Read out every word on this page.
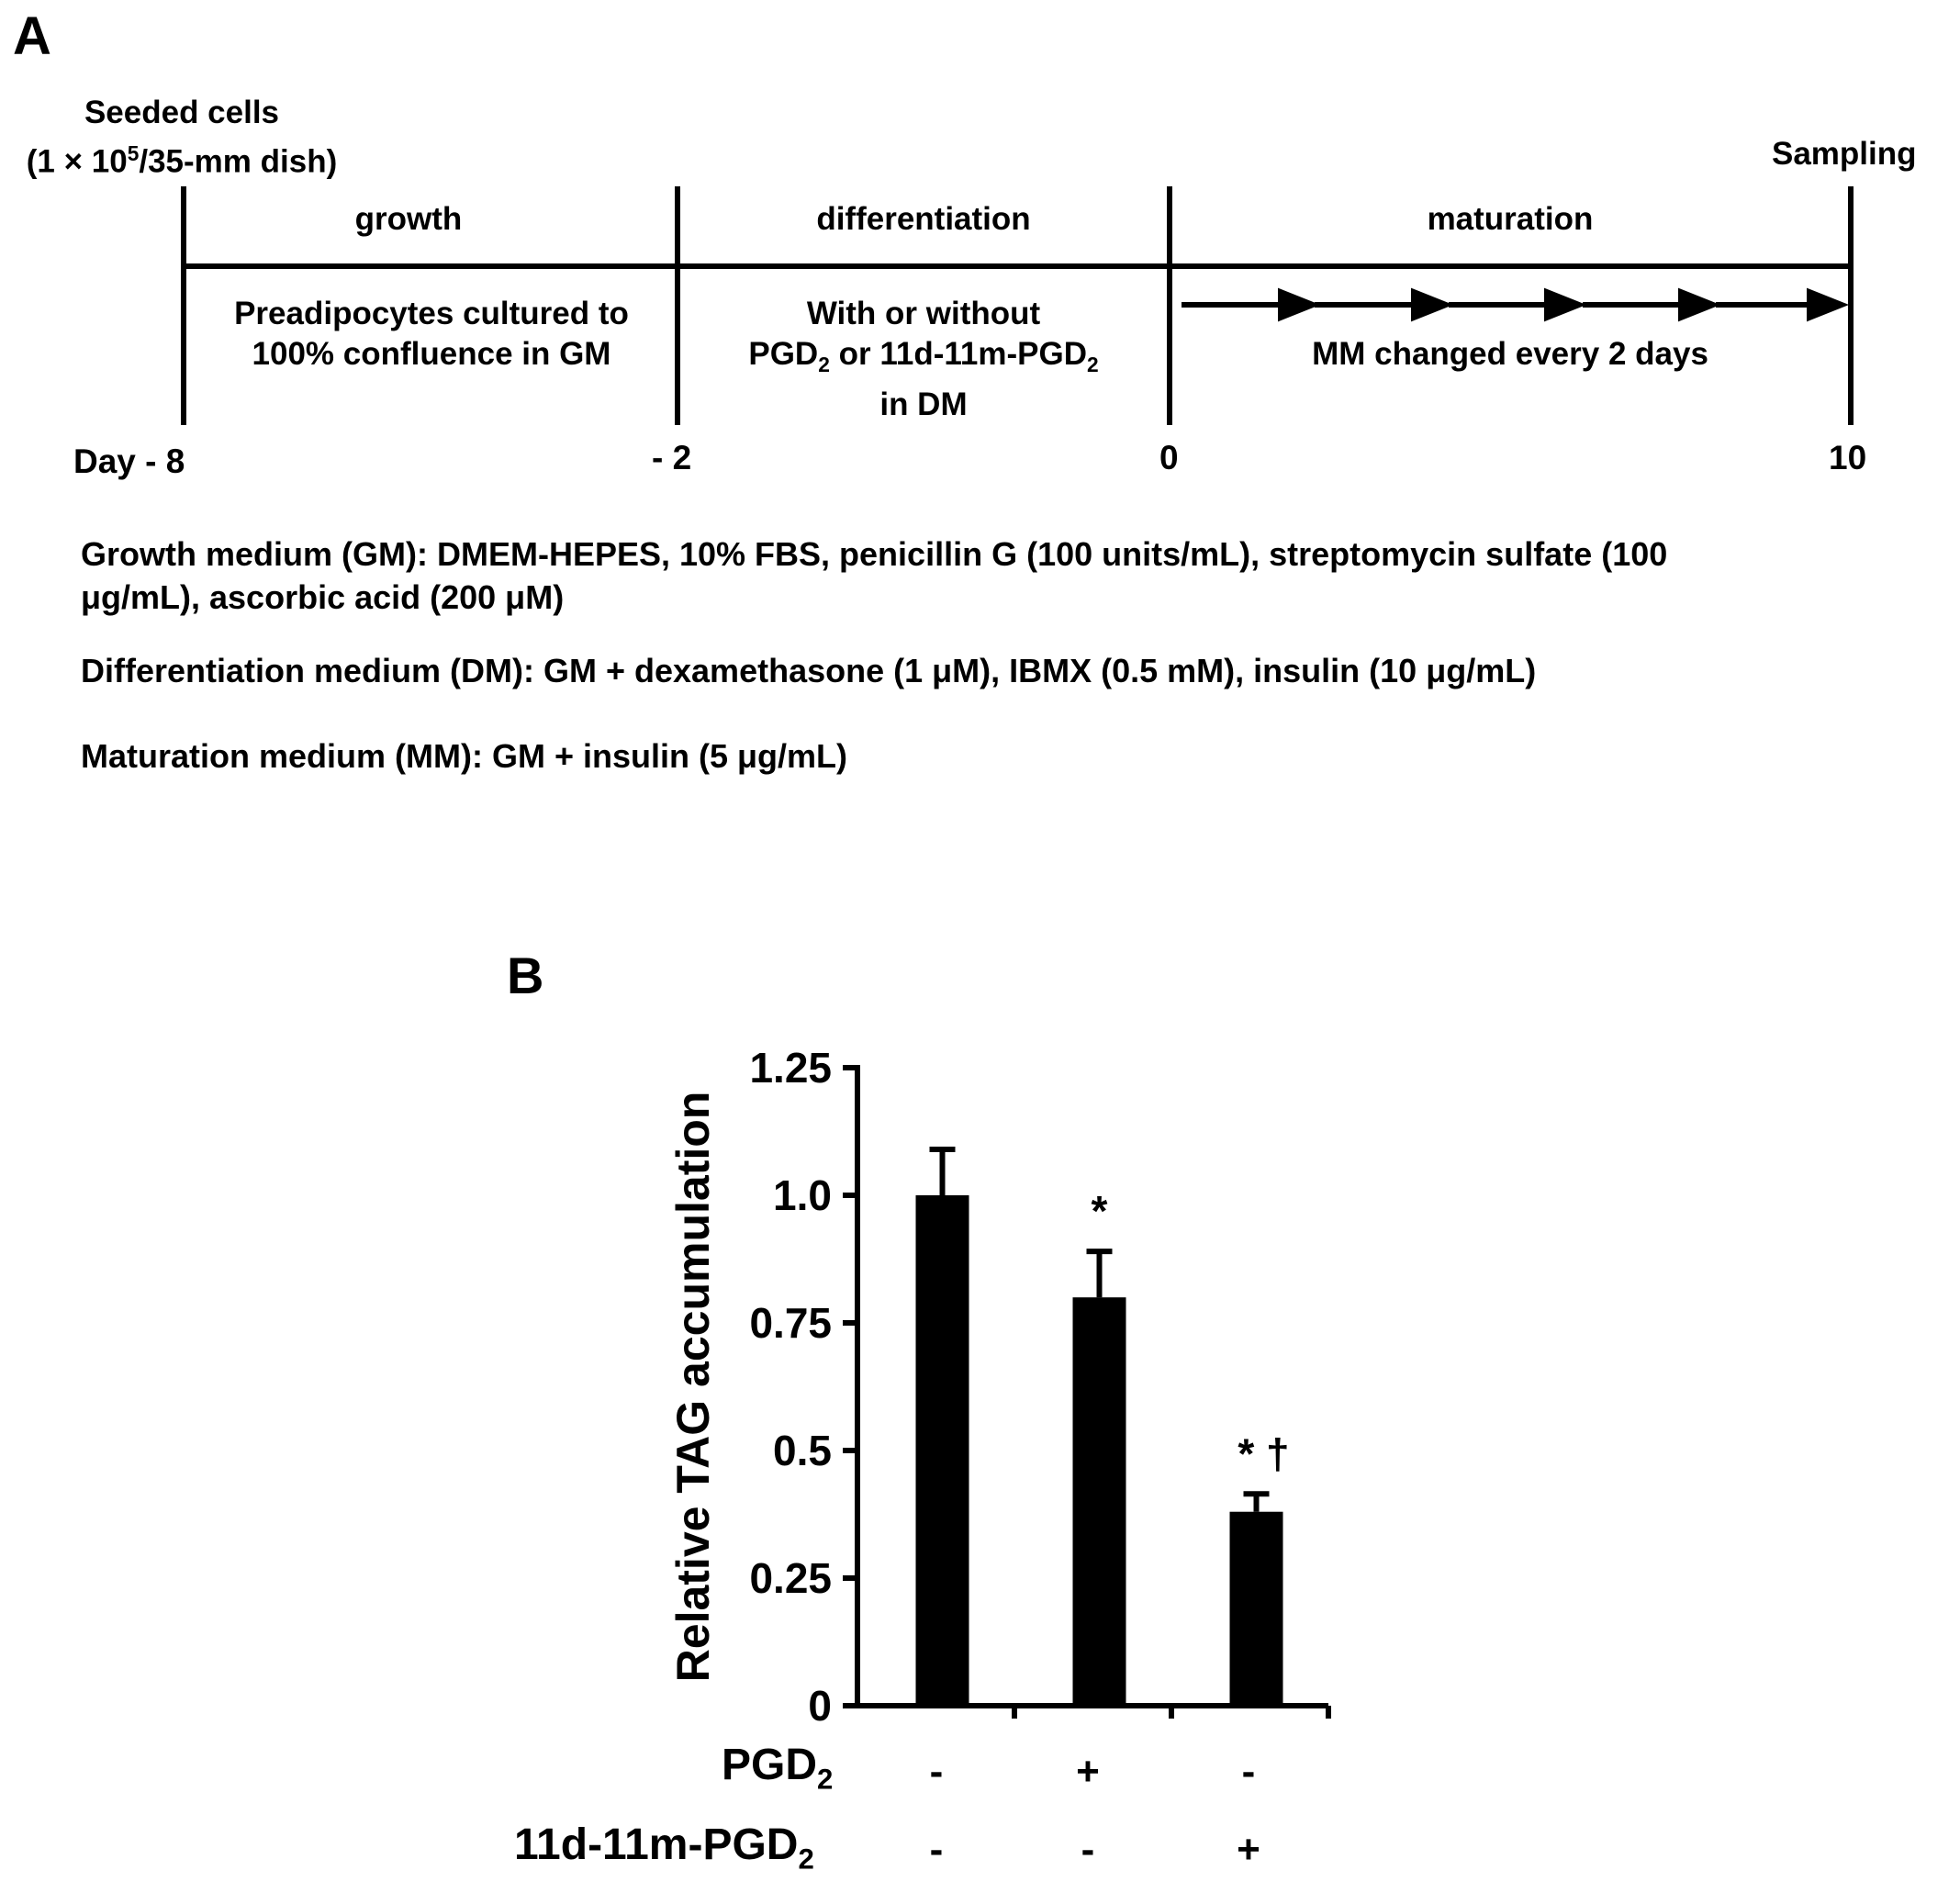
A
Seeded cells
($1 \times 10^5/35-mm$ dish)	Sampling
growth	differentiation	maturation
Preadipocytes cultured to
100% confluence in GM
With or without
$PGD_2$ or $11d-11m-PGD_2$
in DM
MM changed every 2 days
Day - 8	- 2	0	10
Growth medium (GM): DMEM-HEPES, 10% FBS, penicillin G (100 units/mL), streptomycin sulfate (100
μg/mL), ascorbic acid (200 μM)
Differentiation medium (DM): GM + dexamethasone (1 μM), IBMX (0.5 mM), insulin (10 μg/mL)
Maturation medium (MM): GM + insulin (5 μg/mL)
B
0
0.25
0.5
0.75
1.0
1.25
*
* †
Relative TAG accumulation
$PGD_2$
$11d-11m-PGD_2$
-	+	-
-	-	+
